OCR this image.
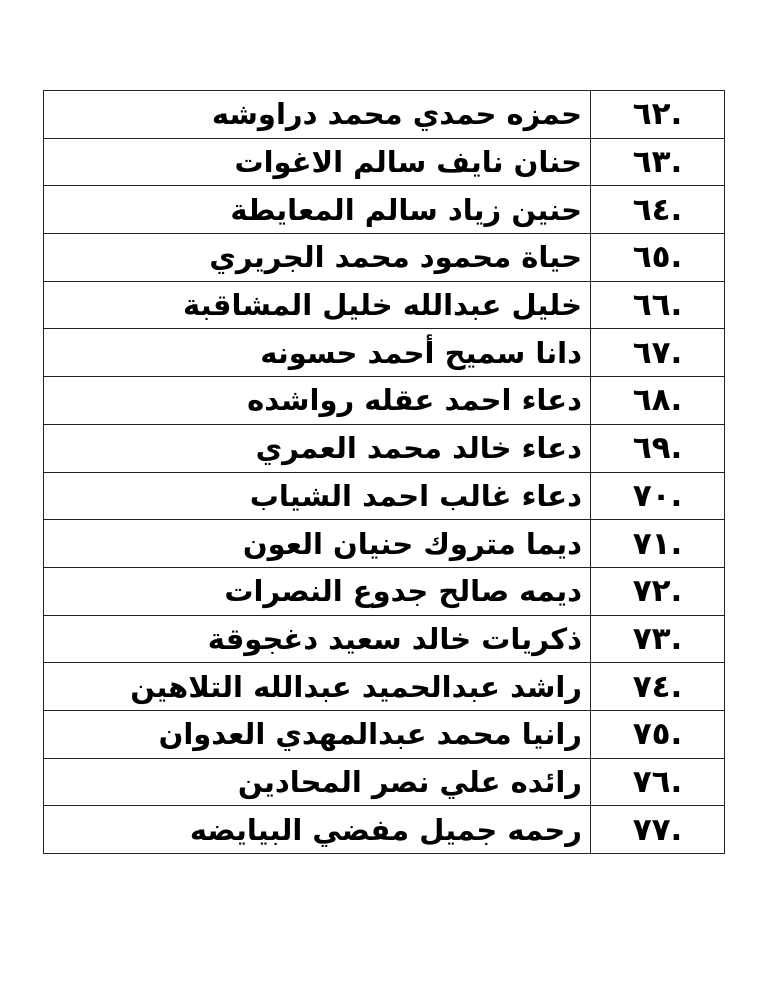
.٦٢	حمزه حمدي محمد دراوشه
.٦٣	حنان نايف سالم الاغوات
.٦٤	حنين زياد سالم المعايطة
.٦٥	حياة محمود محمد الجريري
.٦٦	خليل عبدالله خليل المشاقبة
.٦٧	دانا سميح أحمد حسونه
.٦٨	دعاء احمد عقله رواشده
.٦٩	دعاء خالد محمد العمري
.٧٠	دعاء غالب احمد الشياب
.٧١	ديما متروك حنيان العون
.٧٢	ديمه صالح جدوع النصرات
.٧٣	ذكريات خالد سعيد دغجوقة
.٧٤	راشد عبدالحميد عبدالله التلاهين
.٧٥	رانيا محمد عبدالمهدي العدوان
.٧٦	رائده علي نصر المحادين
.٧٧	رحمه جميل مفضي البيايضه
